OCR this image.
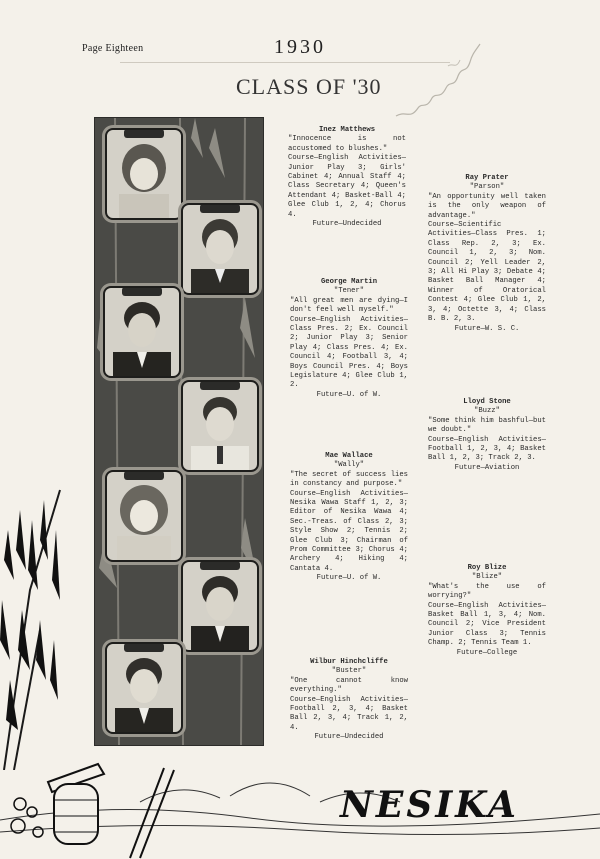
Page Eighteen	1930
CLASS OF '30
Inez Matthews
"Innocence is not accustomed to blushes."
Course—English Activities—Junior Play 3; Girls' Cabinet 4; Annual Staff 4; Class Secretary 4; Queen's Attendant 4; Basket-Ball 4; Glee Club 1, 2, 4; Chorus 4.
Future—Undecided
Ray Prater
"Parson"
"An opportunity well taken is the only weapon of advantage."
Course—Scientific Activities—Class Pres. 1; Class Rep. 2, 3; Ex. Council 1, 2, 3; Nom. Council 2; Yell Leader 2, 3; All Hi Play 3; Debate 4; Basket Ball Manager 4; Winner of Oratorical Contest 4; Glee Club 1, 2, 3, 4; Octette 3, 4; Class B. B. 2, 3.
Future—W. S. C.
George Martin
"Tener"
"All great men are dying—I don't feel well myself."
Course—English Activities—Class Pres. 2; Ex. Council 2; Junior Play 3; Senior Play 4; Class Pres. 4; Ex. Council 4; Football 3, 4; Boys Council Pres. 4; Boys Legislature 4; Glee Club 1, 2.
Future—U. of W.
Lloyd Stone
"Buzz"
"Some think him bashful—but we doubt."
Course—English Activities—Football 1, 2, 3, 4; Basket Ball 1, 2, 3; Track 2, 3.
Future—Aviation
Mae Wallace
"Wally"
"The secret of success lies in constancy and purpose."
Course—English Activities—Nesika Wawa Staff 1, 2, 3; Editor of Nesika Wawa 4; Sec.-Treas. of Class 2, 3; Style Show 2; Tennis 2; Glee Club 3; Chairman of Prom Committee 3; Chorus 4; Archery 4; Hiking 4; Cantata 4.
Future—U. of W.
Roy Blize
"Blize"
"What's the use of worrying?"
Course—English Activities—Basket Ball 1, 3, 4; Nom. Council 2; Vice President Junior Class 3; Tennis Champ. 2; Tennis Team 1.
Future—College
Wilbur Hinchcliffe
"Buster"
"One cannot know everything."
Course—English Activities—Football 2, 3, 4; Basket Ball 2, 3, 4; Track 1, 2, 4.
Future—Undecided
NESIKA
